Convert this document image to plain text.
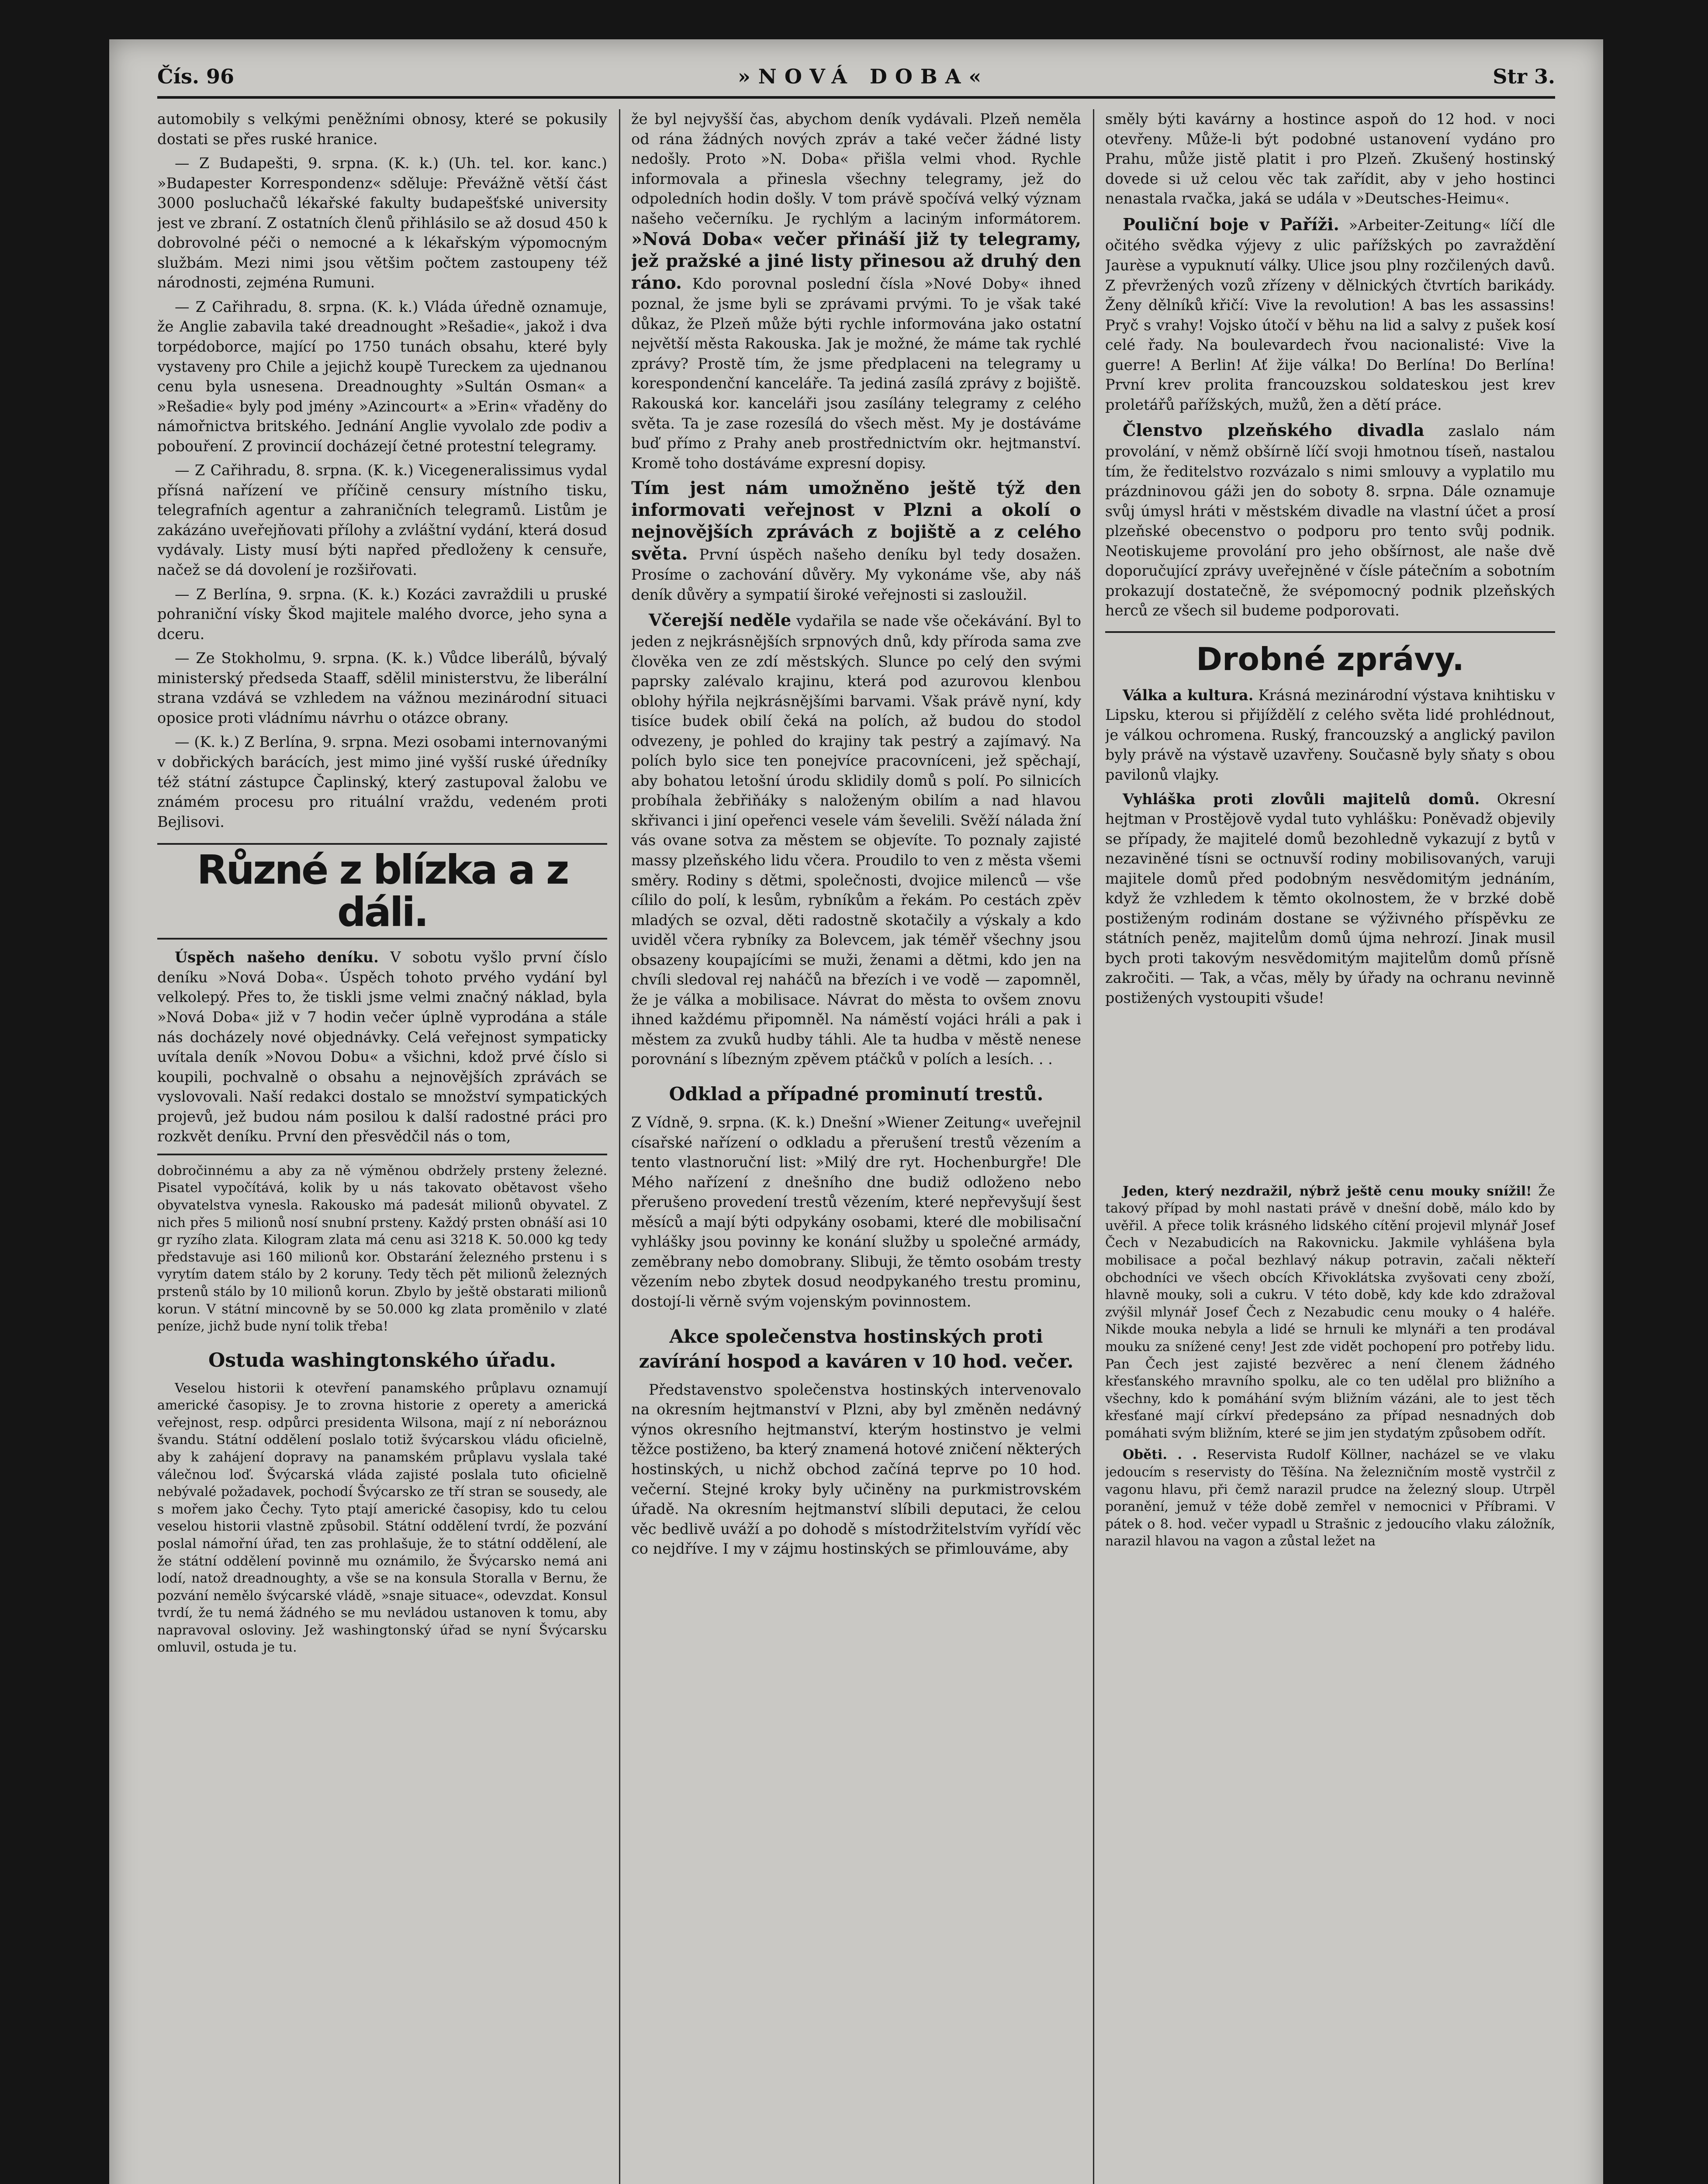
Čís. 96	»NOVÁ DOBA«	Str 3.

automobily s velkými peněžními obnosy, které se pokusily dostati se přes ruské hranice.

— Z Budapešti, 9. srpna. (K. k.) (Uh. tel. kor. kanc.) »Budapester Korrespondenz« sděluje: Převážně větší část 3000 posluchačů lékařské fakulty budapešťské university jest ve zbraní. Z ostatních členů přihlásilo se až dosud 450 k dobrovolné péči o nemocné a k lékařským výpomocným službám. Mezi nimi jsou většim počtem zastoupeny též národnosti, zejména Rumuni.

— Z Cařihradu, 8. srpna. (K. k.) Vláda úředně oznamuje, že Anglie zabavila také dreadnought »Rešadie«, jakož i dva torpédoborce, mající po 1750 tunách obsahu, které byly vystaveny pro Chile a jejichž koupě Tureckem za ujednanou cenu byla usnesena. Dreadnoughty »Sultán Osman« a »Rešadie« byly pod jmény »Azincourt« a »Erin« vřaděny do námořnictva britského. Jednání Anglie vyvolalo zde podiv a pobouření. Z provincií docházejí četné protestní telegramy.

— Z Cařihradu, 8. srpna. (K. k.) Vicegeneralissimus vydal přísná nařízení ve příčině censury místního tisku, telegrafních agentur a zahraničních telegramů. Listům je zakázáno uveřejňovati přílohy a zvláštní vydání, která dosud vydávaly. Listy musí býti napřed předloženy k censuře, načež se dá dovolení je rozšiřovati.

— Z Berlína, 9. srpna. (K. k.) Kozáci zavraždili u pruské pohraniční vísky Škod majitele malého dvorce, jeho syna a dceru.

— Ze Stokholmu, 9. srpna. (K. k.) Vůdce liberálů, bývalý ministerský předseda Staaff, sdělil ministerstvu, že liberální strana vzdává se vzhledem na vážnou mezinárodní situaci oposice proti vládnímu návrhu o otázce obrany.

— (K. k.) Z Berlína, 9. srpna. Mezi osobami internovanými v dobřických barácích, jest mimo jiné vyšší ruské úředníky též státní zástupce Čaplinský, který zastupoval žalobu ve známém procesu pro rituální vraždu, vedeném proti Bejlisovi.

Různé z blízka a z dáli.

Úspěch našeho deníku. V sobotu vyšlo první číslo deníku »Nová Doba«. Úspěch tohoto prvého vydání byl velkolepý. Přes to, že tiskli jsme velmi značný náklad, byla »Nová Doba« již v 7 hodin večer úplně vyprodána a stále nás docházely nové objednávky. Celá veřejnost sympaticky uvítala deník »Novou Dobu« a všichni, kdož prvé číslo si koupili, pochvalně o obsahu a nejnovějších zprávách se vyslovovali. Naší redakci dostalo se množství sympatických projevů, jež budou nám posilou k další radostné práci pro rozkvět deníku. První den přesvědčil nás o tom,

dobročinnému a aby za ně výměnou obdržely prsteny železné. Pisatel vypočítává, kolik by u nás takovato obětavost všeho obyvatelstva vynesla. Rakousko má padesát milionů obyvatel. Z nich přes 5 milionů nosí snubní prsteny. Každý prsten obnáší asi 10 gr ryzího zlata. Kilogram zlata má cenu asi 3218 K. 50.000 kg tedy představuje asi 160 milionů kor. Obstarání železného prstenu i s vyrytím datem stálo by 2 koruny. Tedy těch pět milionů železných prstenů stálo by 10 milionů korun. Zbylo by ještě obstarati milionů korun. V státní mincovně by se 50.000 kg zlata proměnilo v zlaté peníze, jichž bude nyní tolik třeba!

Ostuda washingtonského úřadu.

Veselou historii k otevření panamského průplavu oznamují americké časopisy. Je to zrovna historie z operety a americká veřejnost, resp. odpůrci presidenta Wilsona, mají z ní neboráznou švandu. Státní oddělení poslalo totiž švýcarskou vládu oficielně, aby k zahájení dopravy na panamském průplavu vyslala také válečnou loď. Švýcarská vláda zajisté poslala tuto oficielně nebývalé požadavek, pochodí Švýcarsko ze tří stran se sousedy, ale s mořem jako Čechy. Tyto ptají americké časopisy, kdo tu celou veselou historii vlastně způsobil. Státní oddělení tvrdí, že pozvání poslal námořní úřad, ten zas prohlašuje, že to státní oddělení, ale že státní oddělení povinně mu oznámilo, že Švýcarsko nemá ani lodí, natož dreadnoughty, a vše se na konsula Storalla v Bernu, že pozvání nemělo švýcarské vládě, »snaje situace«, odevzdat. Konsul tvrdí, že tu nemá žádného se mu nevládou ustanoven k tomu, aby napravoval osloviny. Jež washingtonský úřad se nyní Švýcarsku omluvil, ostuda je tu.

že byl nejvyšší čas, abychom deník vydávali. Plzeň neměla od rána žádných nových zpráv a také večer žádné listy nedošly. Proto »N. Doba« přišla velmi vhod. Rychle informovala a přinesla všechny telegramy, jež do odpoledních hodin došly. V tom právě spočívá velký význam našeho večerníku. Je rychlým a laciným informátorem. »Nová Doba« večer přináší již ty telegramy, jež pražské a jiné listy přinesou až druhý den ráno. Kdo porovnal poslední čísla »Nové Doby« ihned poznal, že jsme byli se zprávami prvými. To je však také důkaz, že Plzeň může býti rychle informována jako ostatní největší města Rakouska. Jak je možné, že máme tak rychlé zprávy? Prostě tím, že jsme předplaceni na telegramy u korespondenční kanceláře. Ta jediná zasílá zprávy z bojiště. Rakouská kor. kanceláři jsou zasílány telegramy z celého světa. Ta je zase rozesílá do všech měst. My je dostáváme buď přímo z Prahy aneb prostřednictvím okr. hejtmanství. Kromě toho dostáváme expresní dopisy.

Tím jest nám umožněno ještě týž den informovati veřejnost v Plzni a okolí o nejnovějších zprávách z bojiště a z celého světa. První úspěch našeho deníku byl tedy dosažen. Prosíme o zachování důvěry. My vykonáme vše, aby náš deník důvěry a sympatií široké veřejnosti si zasloužil.

Včerejší neděle vydařila se nade vše očekávání. Byl to jeden z nejkrásnějších srpnových dnů, kdy příroda sama zve člověka ven ze zdí městských. Slunce po celý den svými paprsky zalévalo krajinu, která pod azurovou klenbou oblohy hýřila nejkrásnějšími barvami. Však právě nyní, kdy tisíce budek obilí čeká na polích, až budou do stodol odvezeny, je pohled do krajiny tak pestrý a zajímavý. Na polích bylo sice ten ponejvíce pracovníceni, jež spěchají, aby bohatou letošní úrodu sklidily domů s polí. Po silnicích probíhala žebřiňáky s naloženým obilím a nad hlavou skřivanci i jiní opeřenci vesele vám ševelili. Svěží nálada žní vás ovane sotva za městem se objevíte. To poznaly zajisté massy plzeňského lidu včera. Proudilo to ven z města všemi směry. Rodiny s dětmi, společnosti, dvojice milenců — vše cílilo do polí, k lesům, rybníkům a řekám. Po cestách zpěv mladých se ozval, děti radostně skotačily a výskaly a kdo uviděl včera rybníky za Bolevcem, jak téměř všechny jsou obsazeny koupajícími se muži, ženami a dětmi, kdo jen na chvíli sledoval rej naháčů na březích i ve vodě — zapomněl, že je válka a mobilisace. Návrat do města to ovšem znovu ihned každému připomněl. Na náměstí vojáci hráli a pak i městem za zvuků hudby táhli. Ale ta hudba v městě nenese porovnání s líbezným zpěvem ptáčků v polích a lesích. . .

Odklad a případné prominutí trestů.

Z Vídně, 9. srpna. (K. k.) Dnešní »Wiener Zeitung« uveřejnil císařské nařízení o odkladu a přerušení trestů vězením a tento vlastnoruční list: »Milý dre ryt. Hochenburgře! Dle Mého nařízení z dnešního dne budiž odloženo nebo přerušeno provedení trestů vězením, které nepřevyšují šest měsíců a mají býti odpykány osobami, které dle mobilisační vyhlášky jsou povinny ke konání služby u společné armády, zeměbrany nebo domobrany. Slibuji, že těmto osobám tresty vězením nebo zbytek dosud neodpykaného trestu prominu, dostojí-li věrně svým vojenským povinnostem.

Akce společenstva hostinských proti zavírání hospod a kaváren v 10 hod. večer.

Představenstvo společenstva hostinských intervenovalo na okresním hejtmanství v Plzni, aby byl změněn nedávný výnos okresního hejtmanství, kterým hostinstvo je velmi těžce postiženo, ba který znamená hotové zničení některých hostinských, u nichž obchod začíná teprve po 10 hod. večerní. Stejné kroky byly učiněny na purkmistrovském úřadě. Na okresním hejtmanství slíbili deputaci, že celou věc bedlivě uváží a po dohodě s místodržitelstvím vyřídí věc co nejdříve. I my v zájmu hostinských se přimlouváme, aby

směly býti kavárny a hostince aspoň do 12 hod. v noci otevřeny. Může-li být podobné ustanovení vydáno pro Prahu, může jistě platit i pro Plzeň. Zkušený hostinský dovede si už celou věc tak zařídit, aby v jeho hostinci nenastala rvačka, jaká se udála v »Deutsches-Heimu«.

Pouliční boje v Paříži. »Arbeiter-Zeitung« líčí dle očitého svědka výjevy z ulic pařížských po zavraždění Jaurèse a vypuknutí války. Ulice jsou plny rozčilených davů. Z převržených vozů zřízeny v dělnických čtvrtích barikády. Ženy dělníků křičí: Vive la revolution! A bas les assassins! Pryč s vrahy! Vojsko útočí v běhu na lid a salvy z pušek kosí celé řady. Na boulevardech řvou nacionalisté: Vive la guerre! A Berlin! Ať žije válka! Do Berlína! Do Berlína! První krev prolita francouzskou soldateskou jest krev proletářů pařížských, mužů, žen a dětí práce.

Členstvo plzeňského divadla zaslalo nám provolání, v němž obšírně líčí svoji hmotnou tíseň, nastalou tím, že ředitelstvo rozvázalo s nimi smlouvy a vyplatilo mu prázdninovou gáži jen do soboty 8. srpna. Dále oznamuje svůj úmysl hráti v městském divadle na vlastní účet a prosí plzeňské obecenstvo o podporu pro tento svůj podnik. Neotiskujeme provolání pro jeho obšírnost, ale naše dvě doporučující zprávy uveřejněné v čísle pátečním a sobotním prokazují dostatečně, že svépomocný podnik plzeňských herců ze všech sil budeme podporovati.

Drobné zprávy.

Válka a kultura. Krásná mezinárodní výstava knihtisku v Lipsku, kterou si přijíždělí z celého světa lidé prohlédnout, je válkou ochromena. Ruský, francouzský a anglický pavilon byly právě na výstavě uzavřeny. Současně byly sňaty s obou pavilonů vlajky.

Vyhláška proti zlovůli majitelů domů. Okresní hejtman v Prostějově vydal tuto vyhlášku: Poněvadž objevily se případy, že majitelé domů bezohledně vykazují z bytů v nezaviněné tísni se octnuvší rodiny mobilisovaných, varuji majitele domů před podobným nesvědomitým jednáním, když že vzhledem k těmto okolnostem, že v brzké době postiženým rodinám dostane se výživného příspěvku ze státních peněz, majitelům domů újma nehrozí. Jinak musil bych proti takovým nesvědomitým majitelům domů přísně zakročiti. — Tak, a včas, měly by úřady na ochranu nevinně postižených vystoupiti všude!

Jeden, který nezdražil, nýbrž ještě cenu mouky snížil! Že takový případ by mohl nastati právě v dnešní době, málo kdo by uvěřil. A přece tolik krásného lidského cítění projevil mlynář Josef Čech v Nezabudicích na Rakovnicku. Jakmile vyhlášena byla mobilisace a počal bezhlavý nákup potravin, začali někteří obchodníci ve všech obcích Křivoklátska zvyšovati ceny zboží, hlavně mouky, soli a cukru. V této době, kdy kde kdo zdražoval zvýšil mlynář Josef Čech z Nezabudic cenu mouky o 4 haléře. Nikde mouka nebyla a lidé se hrnuli ke mlynáři a ten prodával mouku za snížené ceny! Jest zde vidět pochopení pro potřeby lidu. Pan Čech jest zajisté bezvěrec a není členem žádného křesťanského mravního spolku, ale co ten udělal pro bližního a všechny, kdo k pomáhání svým bližním vázáni, ale to jest těch křesťané mají církví předepsáno za případ nesnadných dob pomáhati svým bližním, které se jim jen stydatým způsobem odřít.

Oběti. . . Reservista Rudolf Köllner, nacházel se ve vlaku jedoucím s reservisty do Těšína. Na železničním mostě vystrčil z vagonu hlavu, při čemž narazil prudce na železný sloup. Utrpěl poranění, jemuž v téže době zemřel v nemocnici v Příbrami. V pátek o 8. hod. večer vypadl u Strašnic z jedoucího vlaku záložník, narazil hlavou na vagon a zůstal ležet na
